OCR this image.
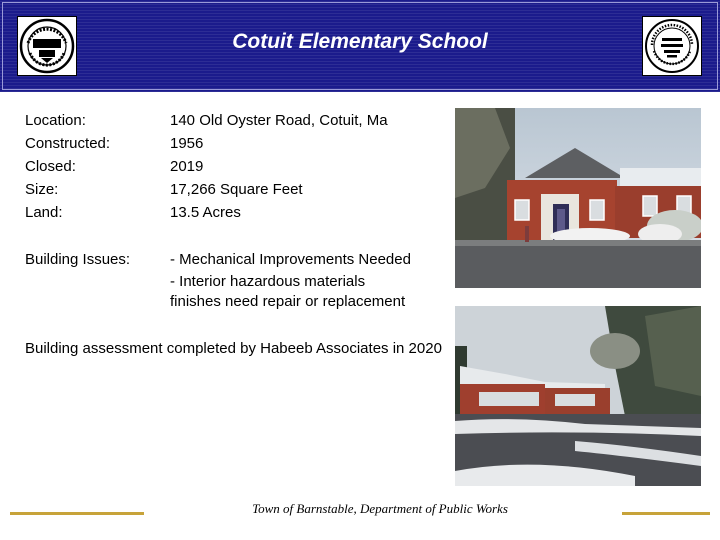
Cotuit Elementary School
Location:	140 Old Oyster Road, Cotuit, Ma
Constructed:	1956
Closed:	2019
Size:	17,266 Square Feet
Land:	13.5 Acres
Building Issues:	- Mechanical Improvements Needed
- Interior hazardous materials
finishes need repair or replacement
Building assessment completed by Habeeb Associates in 2020
Town of Barnstable, Department of Public Works
